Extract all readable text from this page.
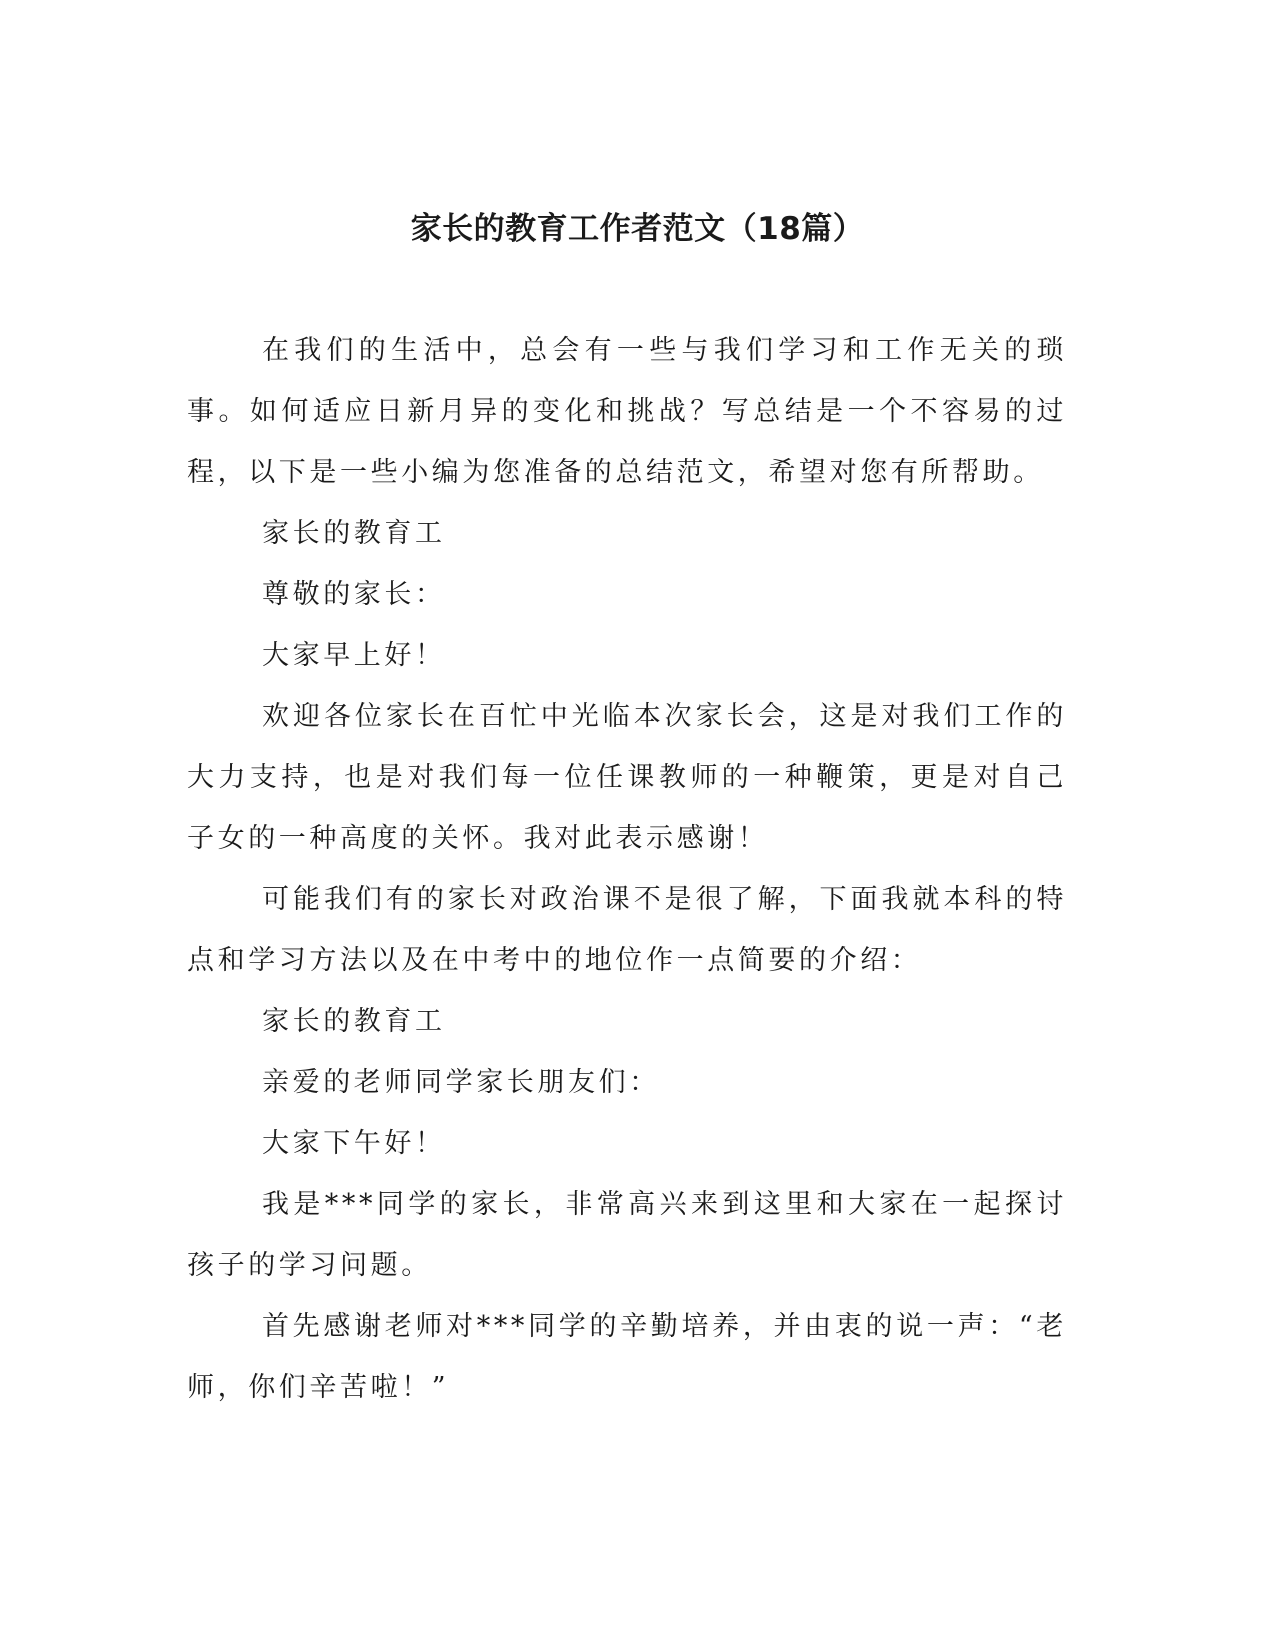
家长的教育工作者范文（18篇）

在我们的生活中，总会有一些与我们学习和工作无关的琐事。如何适应日新月异的变化和挑战？写总结是一个不容易的过程，以下是一些小编为您准备的总结范文，希望对您有所帮助。

家长的教育工

尊敬的家长：

大家早上好！

欢迎各位家长在百忙中光临本次家长会，这是对我们工作的大力支持，也是对我们每一位任课教师的一种鞭策，更是对自己子女的一种高度的关怀。我对此表示感谢！

可能我们有的家长对政治课不是很了解，下面我就本科的特点和学习方法以及在中考中的地位作一点简要的介绍：

家长的教育工

亲爱的老师同学家长朋友们：

大家下午好！

我是***同学的家长，非常高兴来到这里和大家在一起探讨孩子的学习问题。

首先感谢老师对***同学的辛勤培养，并由衷的说一声：“老师，你们辛苦啦！”
